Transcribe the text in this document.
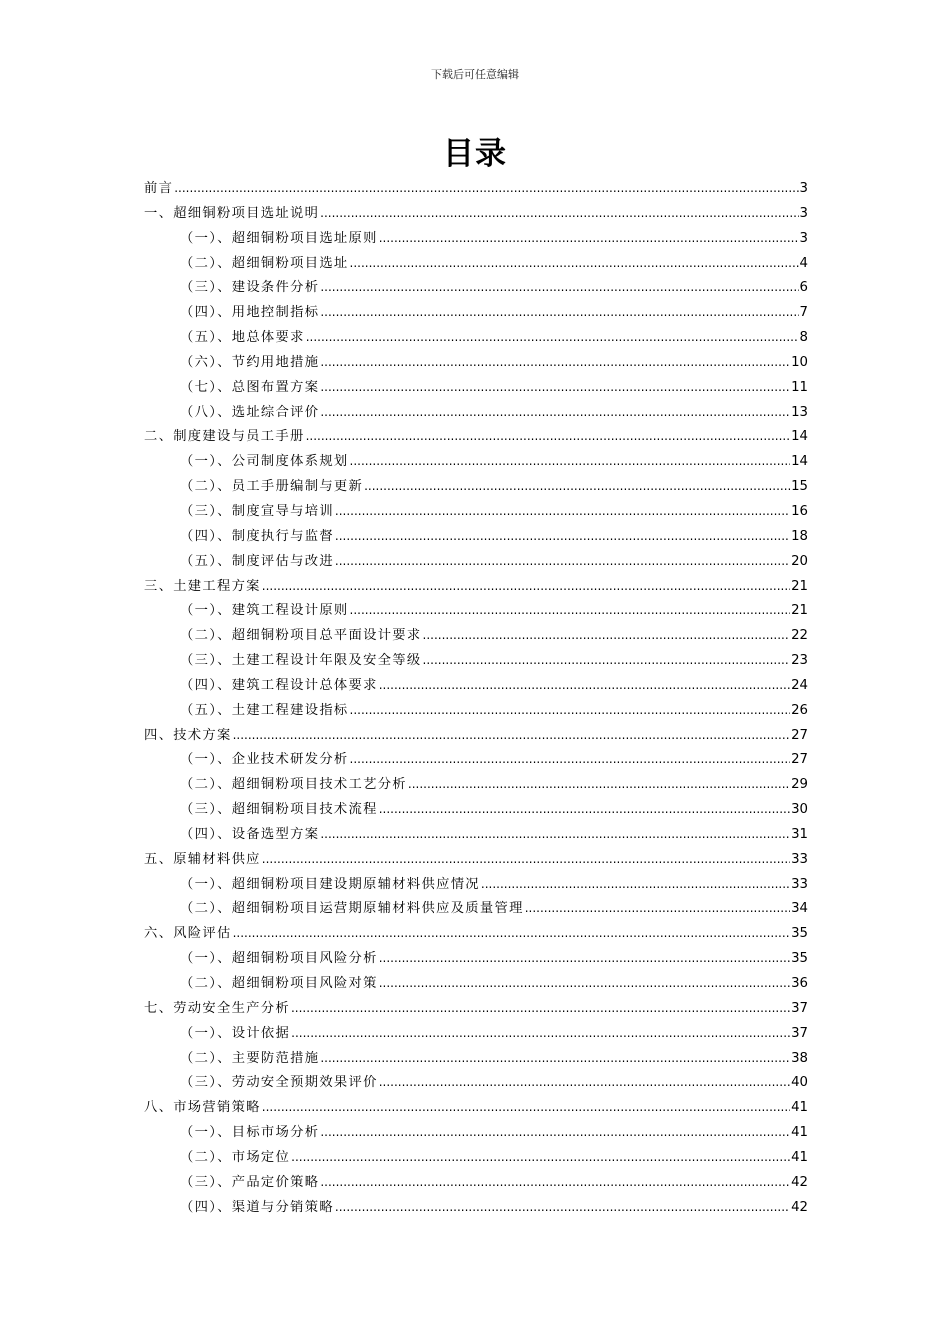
下载后可任意编辑
目录
前言 .....	3
一、超细铜粉项目选址说明 .....	3
（一）、超细铜粉项目选址原则 .....	3
（二）、超细铜粉项目选址 .....	4
（三）、建设条件分析 .....	6
（四）、用地控制指标 .....	7
（五）、地总体要求 .....	8
（六）、节约用地措施 .....	10
（七）、总图布置方案 .....	11
（八）、选址综合评价 .....	13
二、制度建设与员工手册 .....	14
（一）、公司制度体系规划 .....	14
（二）、员工手册编制与更新 .....	15
（三）、制度宣导与培训 .....	16
（四）、制度执行与监督 .....	18
（五）、制度评估与改进 .....	20
三、土建工程方案 .....	21
（一）、建筑工程设计原则 .....	21
（二）、超细铜粉项目总平面设计要求 .....	22
（三）、土建工程设计年限及安全等级 .....	23
（四）、建筑工程设计总体要求 .....	24
（五）、土建工程建设指标 .....	26
四、技术方案 .....	27
（一）、企业技术研发分析 .....	27
（二）、超细铜粉项目技术工艺分析 .....	29
（三）、超细铜粉项目技术流程 .....	30
（四）、设备选型方案 .....	31
五、原辅材料供应 .....	33
（一）、超细铜粉项目建设期原辅材料供应情况 .....	33
（二）、超细铜粉项目运营期原辅材料供应及质量管理 .....	34
六、风险评估 .....	35
（一）、超细铜粉项目风险分析 .....	35
（二）、超细铜粉项目风险对策 .....	36
七、劳动安全生产分析 .....	37
（一）、设计依据 .....	37
（二）、主要防范措施 .....	38
（三）、劳动安全预期效果评价 .....	40
八、市场营销策略 .....	41
（一）、目标市场分析 .....	41
（二）、市场定位 .....	41
（三）、产品定价策略 .....	42
（四）、渠道与分销策略 .....	42
